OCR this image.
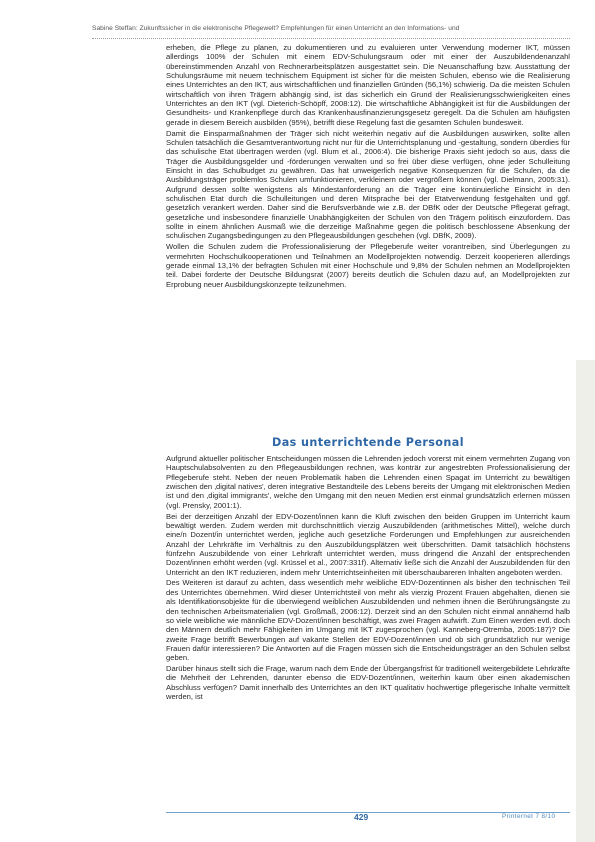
Sabine Steffan: Zukunftssicher in die elektronische Pflegewelt? Empfehlungen für einen Unterricht an den Informations- und

erheben, die Pflege zu planen, zu dokumentieren und zu evaluieren unter Verwendung moderner IKT, müssen allerdings 100% der Schulen mit einem EDV-Schulungsraum oder mit einer der Auszubildendenanzahl übereinstimmenden Anzahl von Rechnerarbeitsplätzen ausgestattet sein. Die Neuanschaffung bzw. Ausstattung der Schulungsräume mit neuem technischem Equipment ist sicher für die meisten Schulen, ebenso wie die Realisierung eines Unterrichtes an den IKT, aus wirtschaftlichen und finanziellen Gründen (56,1%) schwierig. Da die meisten Schulen wirtschaftlich von ihren Trägern abhängig sind, ist das sicherlich ein Grund der Realisierungsschwierigkeiten eines Unterrichtes an den IKT (vgl. Dieterich-Schöpff, 2008:12). Die wirtschaftliche Abhängigkeit ist für die Ausbildungen der Gesundheits- und Krankenpflege durch das Krankenhausfinanzierungsgesetz geregelt. Da die Schulen am häufigsten gerade in diesem Bereich ausbilden (95%), betrifft diese Regelung fast die gesamten Schulen bundesweit.

Damit die Einsparmaßnahmen der Träger sich nicht weiterhin negativ auf die Ausbildungen auswirken, sollte allen Schulen tatsächlich die Gesamtverantwortung nicht nur für die Unterrichtsplanung und -gestaltung, sondern überdies für das schulische Etat übertragen werden (vgl. Blum et al., 2006:4). Die bisherige Praxis sieht jedoch so aus, dass die Träger die Ausbildungsgelder und -förderungen verwalten und so frei über diese verfügen, ohne jeder Schulleitung Einsicht in das Schulbudget zu gewähren. Das hat unweigerlich negative Konsequenzen für die Schulen, da die Ausbildungsträger problemlos Schulen umfunktionieren, verkleinern oder vergrößern können (vgl. Dielmann, 2005:31). Aufgrund dessen sollte wenigstens als Mindestanforderung an die Träger eine kontinuierliche Einsicht in den schulischen Etat durch die Schulleitungen und deren Mitsprache bei der Etatverwendung festgehalten und ggf. gesetzlich verankert werden. Daher sind die Berufsverbände wie z.B. der DBfK oder der Deutsche Pflegerat gefragt, gesetzliche und insbesondere finanzielle Unabhängigkeiten der Schulen von den Trägern politisch einzufordern. Das sollte in einem ähnlichen Ausmaß wie die derzeitige Maßnahme gegen die politisch beschlossene Absenkung der schulischen Zugangsbedingungen zu den Pflegeausbildungen geschehen (vgl. DBfK, 2009).

Wollen die Schulen zudem die Professionalisierung der Pflegeberufe weiter vorantreiben, sind Überlegungen zu vermehrten Hochschulkooperationen und Teilnahmen an Modellprojekten notwendig. Derzeit kooperieren allerdings gerade einmal 13,1% der befragten Schulen mit einer Hochschule und 9,8% der Schulen nehmen an Modellprojekten teil. Dabei forderte der Deutsche Bildungsrat (2007) bereits deutlich die Schulen dazu auf, an Modellprojekten zur Erprobung neuer Ausbildungskonzepte teilzunehmen.

Das unterrichtende Personal

Aufgrund aktueller politischer Entscheidungen müssen die Lehrenden jedoch vorerst mit einem vermehrten Zugang von Hauptschulabsolventen zu den Pflegeausbildungen rechnen, was konträr zur angestrebten Professionalisierung der Pflegeberufe steht. Neben der neuen Problematik haben die Lehrenden einen Spagat im Unterricht zu bewältigen zwischen den ‚digital natives', deren integrative Bestandteile des Lebens bereits der Umgang mit elektronischen Medien ist und den ‚digital immigrants', welche den Umgang mit den neuen Medien erst einmal grundsätzlich erlernen müssen (vgl. Prensky, 2001:1).

Bei der derzeitigen Anzahl der EDV-Dozent/innen kann die Kluft zwischen den beiden Gruppen im Unterricht kaum bewältigt werden. Zudem werden mit durchschnittlich vierzig Auszubildenden (arithmetisches Mittel), welche durch eine/n Dozent/in unterrichtet werden, jegliche auch gesetzliche Forderungen und Empfehlungen zur ausreichenden Anzahl der Lehrkräfte im Verhältnis zu den Auszubildungsplätzen weit überschritten. Damit tatsächlich höchstens fünfzehn Auszubildende von einer Lehrkraft unterrichtet werden, muss dringend die Anzahl der entsprechenden Dozent/innen erhöht werden (vgl. Krüssel et al., 2007:331f). Alternativ ließe sich die Anzahl der Auszubildenden für den Unterricht an den IKT reduzieren, indem mehr Unterrichtseinheiten mit überschaubareren Inhalten angeboten werden.

Des Weiteren ist darauf zu achten, dass wesentlich mehr weibliche EDV-Dozentinnen als bisher den technischen Teil des Unterrichtes übernehmen. Wird dieser Unterrichtsteil von mehr als vierzig Prozent Frauen abgehalten, dienen sie als Identifikationsobjekte für die überwiegend weiblichen Auszubildenden und nehmen ihnen die Berührungsängste zu den technischen Arbeitsmaterialien (vgl. Großmaß, 2006:12). Derzeit sind an den Schulen nicht einmal annähernd halb so viele weibliche wie männliche EDV-Dozent/innen beschäftigt, was zwei Fragen aufwirft. Zum Einen werden evtl. doch den Männern deutlich mehr Fähigkeiten im Umgang mit IKT zugesprochen (vgl. Kanneberg-Otremba, 2005:187)? Die zweite Frage betrifft Bewerbungen auf vakante Stellen der EDV-Dozent/innen und ob sich grundsätzlich nur wenige Frauen dafür interessieren? Die Antworten auf die Fragen müssen sich die Entscheidungsträger an den Schulen selbst geben.

Darüber hinaus stellt sich die Frage, warum nach dem Ende der Übergangsfrist für traditionell weitergebildete Lehrkräfte die Mehrheit der Lehrenden, darunter ebenso die EDV-Dozent/innen, weiterhin kaum über einen akademischen Abschluss verfügen? Damit innerhalb des Unterrichtes an den IKT qualitativ hochwertige pflegerische Inhalte vermittelt werden, ist

429	Printernet 7 8/10
